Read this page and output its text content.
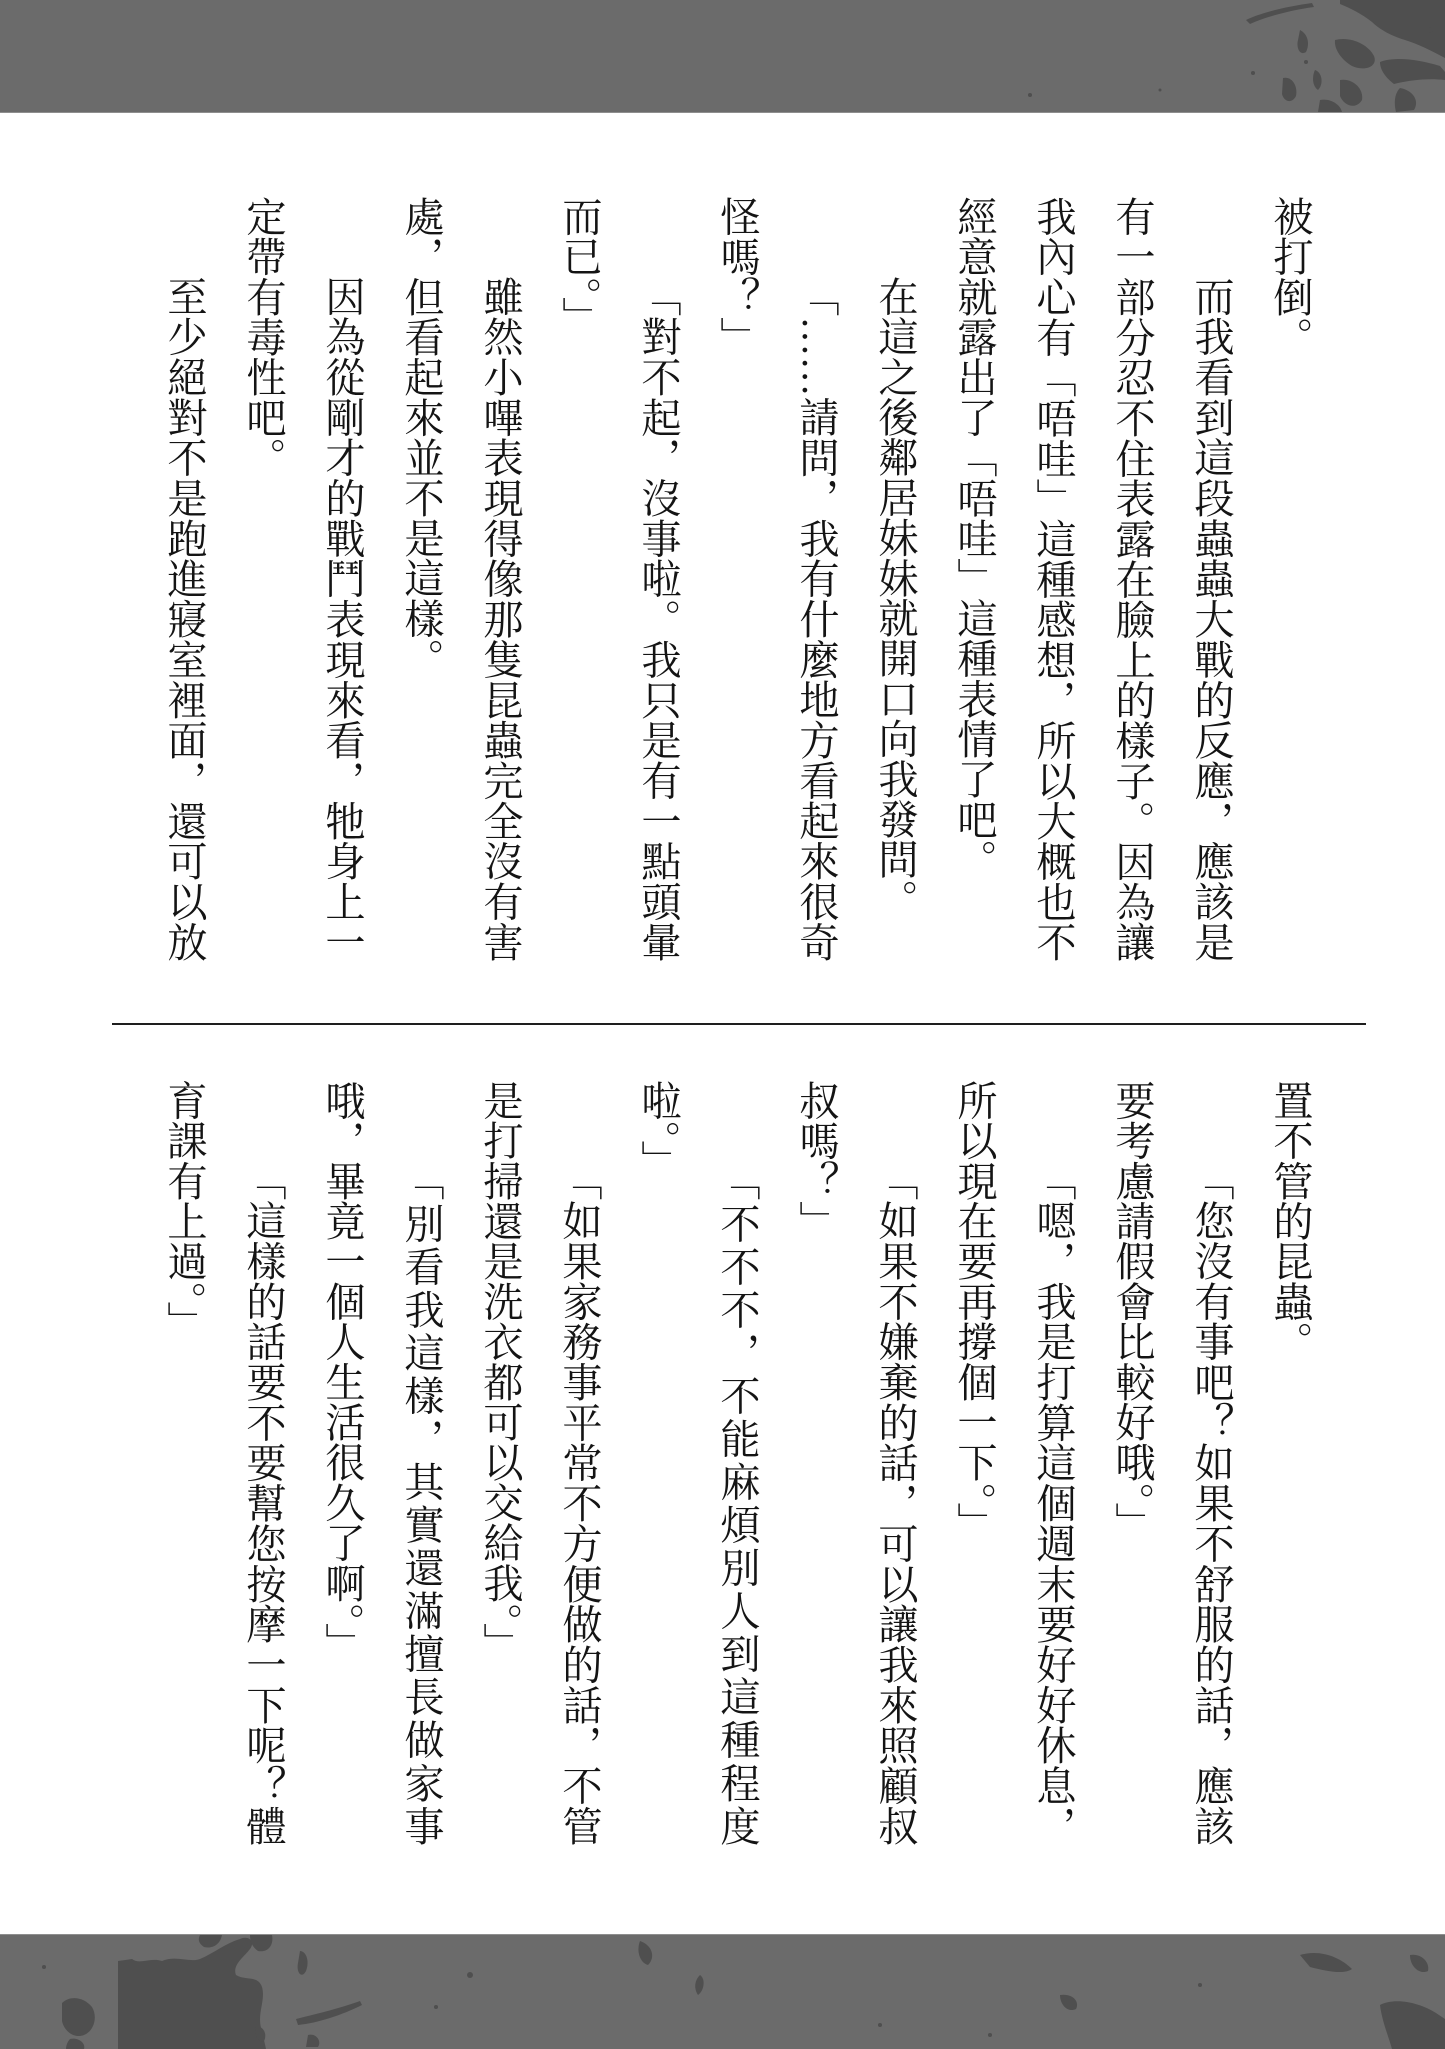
被打倒。
而我看到這段蟲蟲大戰的反應，應該是
有一部分忍不住表露在臉上的樣子。因為讓
我內心有「唔哇」這種感想，所以大概也不
經意就露出了「唔哇」這種表情了吧。
在這之後鄰居妹妹就開口向我發問。
「……請問，我有什麼地方看起來很奇
怪嗎？」
「對不起，沒事啦。我只是有一點頭暈
而已。」
雖然小嗶表現得像那隻昆蟲完全沒有害
處，但看起來並不是這樣。
因為從剛才的戰鬥表現來看，牠身上一
定帶有毒性吧。
至少絕對不是跑進寢室裡面，還可以放
置不管的昆蟲。
「您沒有事吧？如果不舒服的話，應該
要考慮請假會比較好哦。」
「嗯，我是打算這個週末要好好休息，
所以現在要再撐個一下。」
「如果不嫌棄的話，可以讓我來照顧叔
叔嗎？」
「不不不，不能麻煩別人到這種程度
啦。」
「如果家務事平常不方便做的話，不管
是打掃還是洗衣都可以交給我。」
「別看我這樣，其實還滿擅長做家事
哦，畢竟一個人生活很久了啊。」
「這樣的話要不要幫您按摩一下呢？體
育課有上過。」
